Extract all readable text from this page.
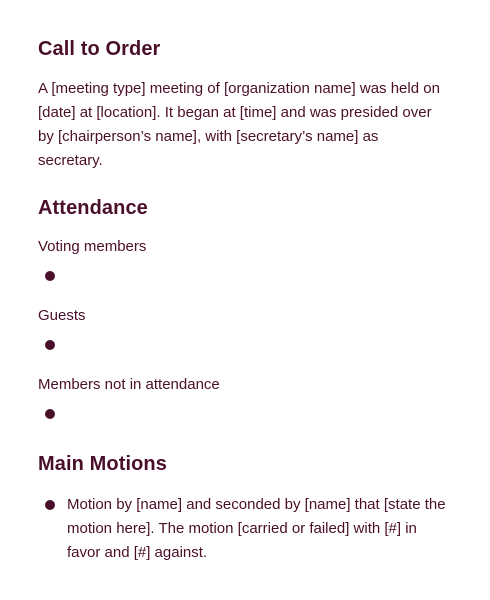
Call to Order

A [meeting type] meeting of [organization name] was held on [date] at [location]. It began at [time] and was presided over by [chairperson’s name], with [secretary’s name] as secretary.

Attendance
Voting members
Guests
Members not in attendance
Main Motions
Motion by [name] and seconded by [name] that [state the motion here]. The motion [carried or failed] with [#] in favor and [#] against.
